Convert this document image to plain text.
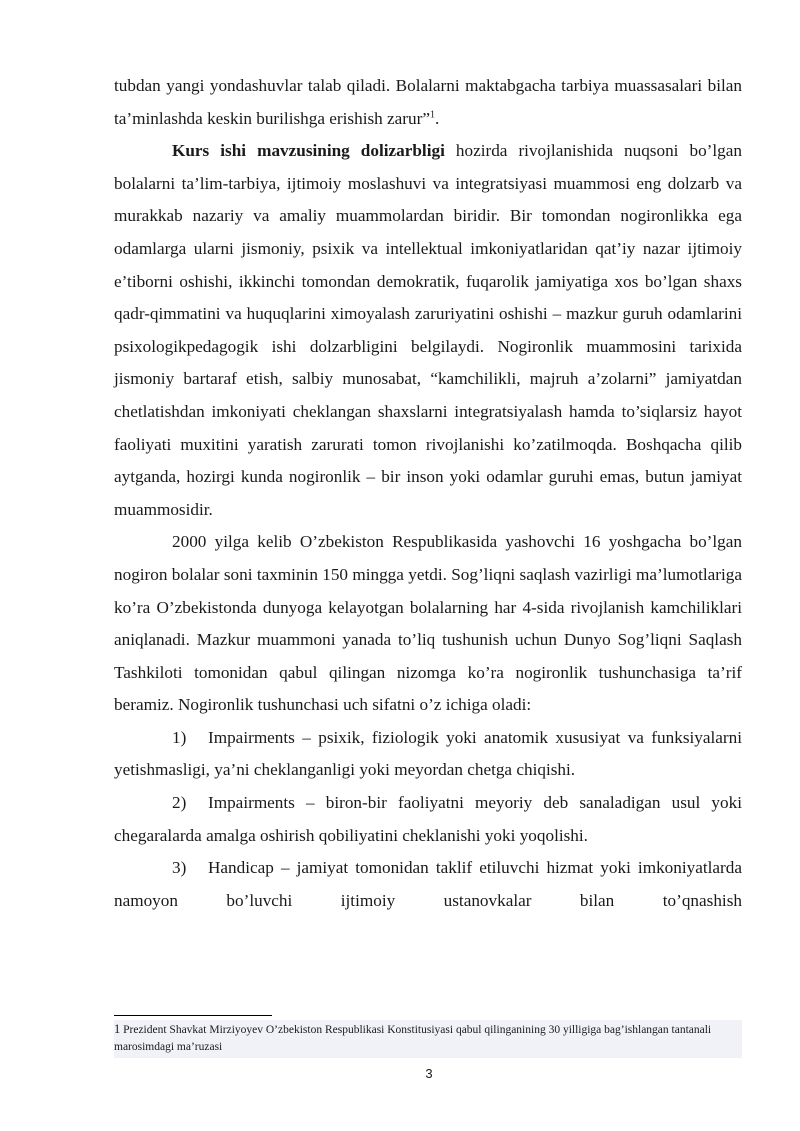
tubdan yangi yondashuvlar talab qiladi. Bolalarni maktabgacha tarbiya muassasalari bilan ta’minlashda keskin burilishga erishish zarur”$^1$.

Kurs ishi mavzusining dolizarbligi hozirda rivojlanishida nuqsoni bo’lgan bolalarni ta’lim-tarbiya, ijtimoiy moslashuvi va integratsiyasi muammosi eng dolzarb va murakkab nazariy va amaliy muammolardan biridir. Bir tomondan nogironlikka ega odamlarga ularni jismoniy, psixik va intellektual imkoniyatlaridan qat’iy nazar ijtimoiy e’tiborni oshishi, ikkinchi tomondan demokratik, fuqarolik jamiyatiga xos bo’lgan shaxs qadr-qimmatini va huquqlarini ximoyalash zaruriyatini oshishi – mazkur guruh odamlarini psixologikpedagogik ishi dolzarbligini belgilaydi. Nogironlik muammosini tarixida jismoniy bartaraf etish, salbiy munosabat, “kamchilikli, majruh a’zolarni” jamiyatdan chetlatishdan imkoniyati cheklangan shaxslarni integratsiyalash hamda to’siqlarsiz hayot faoliyati muxitini yaratish zarurati tomon rivojlanishi ko’zatilmoqda. Boshqacha qilib aytganda, hozirgi kunda nogironlik – bir inson yoki odamlar guruhi emas, butun jamiyat muammosidir.

2000 yilga kelib O’zbekiston Respublikasida yashovchi 16 yoshgacha bo’lgan nogiron bolalar soni taxminin 150 mingga yetdi. Sog’liqni saqlash vazirligi ma’lumotlariga ko’ra O’zbekistonda dunyoga kelayotgan bolalarning har 4-sida rivojlanish kamchiliklari aniqlanadi. Mazkur muammoni yanada to’liq tushunish uchun Dunyo Sog’liqni Saqlash Tashkiloti tomonidan qabul qilingan nizomga ko’ra nogironlik tushunchasiga ta’rif beramiz. Nogironlik tushunchasi uch sifatni o’z ichiga oladi:

1) Impairments – psixik, fiziologik yoki anatomik xususiyat va funksiyalarni yetishmasligi, ya’ni cheklanganligi yoki meyordan chetga chiqishi.

2) Impairments – biron-bir faoliyatni meyoriy deb sanaladigan usul yoki chegaralarda amalga oshirish qobiliyatini cheklanishi yoki yoqolishi.

3) Handicap – jamiyat tomonidan taklif etiluvchi hizmat yoki imkoniyatlarda namoyon bo’luvchi ijtimoiy ustanovkalar bilan to’qnashish

1 Prezident Shavkat Mirziyoyev O’zbekiston Respublikasi Konstitusiyasi qabul qilinganining 30 yilligiga bag’ishlangan tantanali marosimdagi ma’ruzasi
3
